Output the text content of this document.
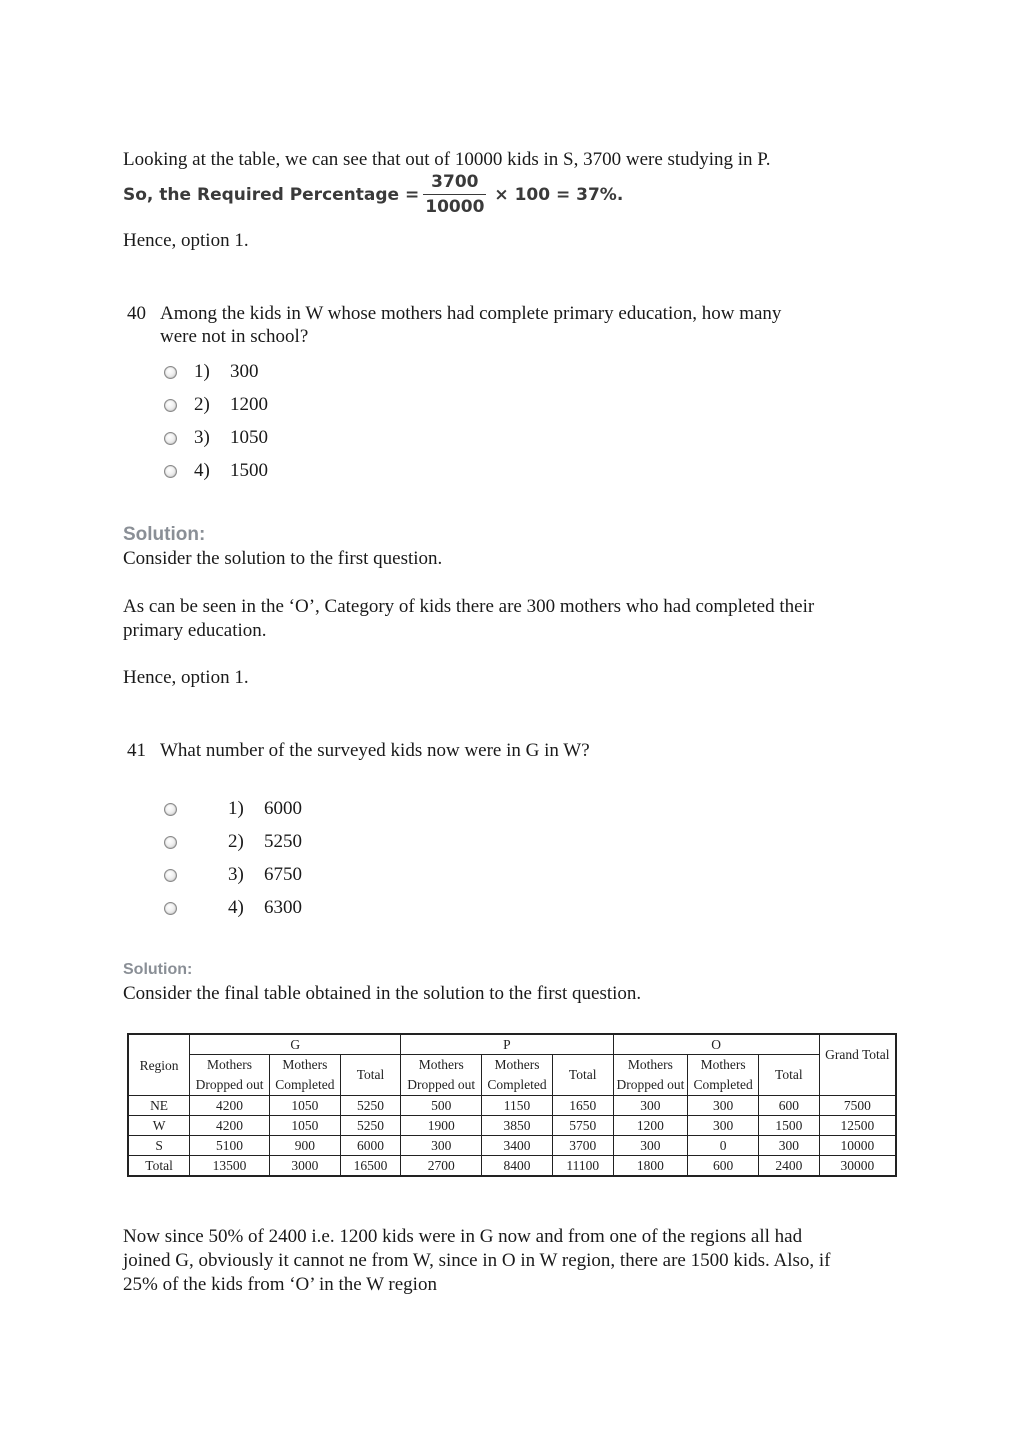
Looking at the table, we can see that out of 10000 kids in S, 3700 were studying in P.
So, the Required Percentage = $\frac{3700}{10000} \times 100 = 37\%$.
Hence, option 1.
40 Among the kids in W whose mothers had complete primary education, how many
were not in school?
1) 300
2) 1200
3) 1050
4) 1500
Solution:
Consider the solution to the first question.
As can be seen in the ‘O’, Category of kids there are 300 mothers who had completed their
primary education.
Hence, option 1.
41 What number of the surveyed kids now were in G in W?
1) 6000
2) 5250
3) 6750
4) 6300
Solution:
Consider the final table obtained in the solution to the first question.
Region	G			P			O			Grand Total
	Mothers Dropped out	Mothers Completed	Total	Mothers Dropped out	Mothers Completed	Total	Mothers Dropped out	Mothers Completed	Total	
NE	4200	1050	5250	500	1150	1650	300	300	600	7500
W	4200	1050	5250	1900	3850	5750	1200	300	1500	12500
S	5100	900	6000	300	3400	3700	300	0	300	10000
Total	13500	3000	16500	2700	8400	11100	1800	600	2400	30000
Now since 50% of 2400 i.e. 1200 kids were in G now and from one of the regions all had
joined G, obviously it cannot ne from W, since in O in W region, there are 1500 kids. Also, if
25% of the kids from ‘O’ in the W region
